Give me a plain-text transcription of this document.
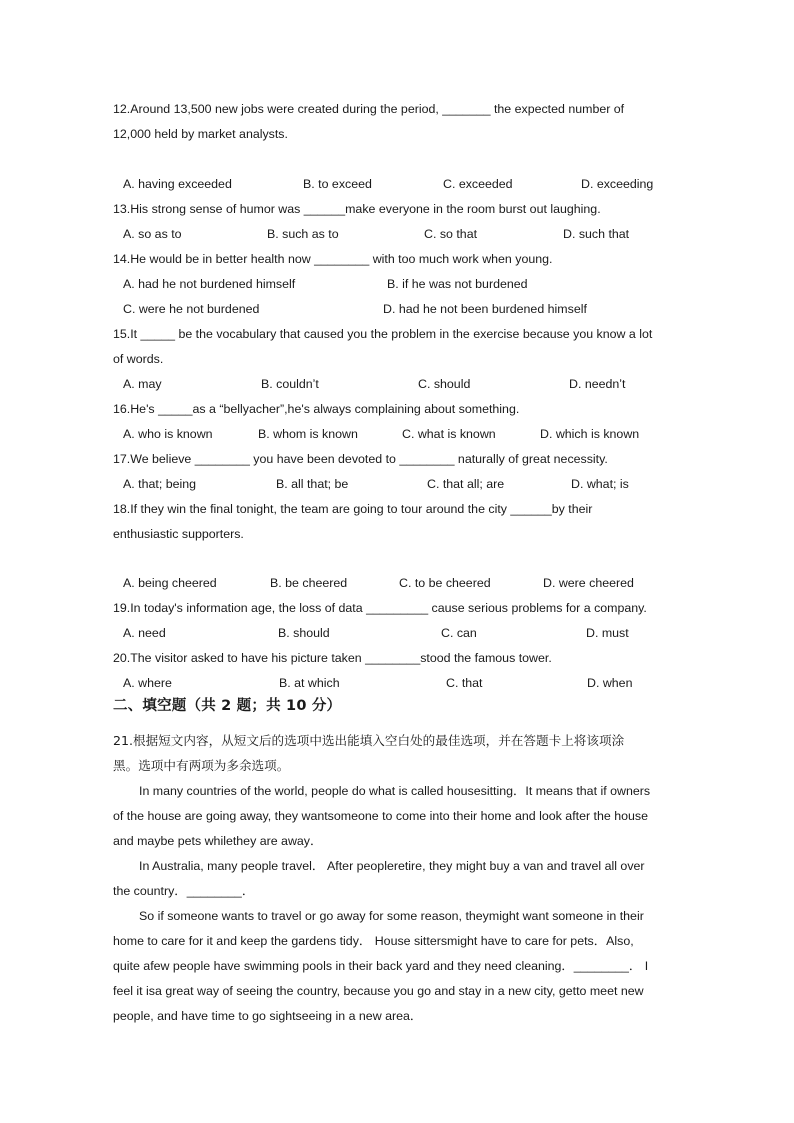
12.Around 13,500 new jobs were created during the period, _______ the expected number of
12,000 held by market analysts.
A. having exceeded	B. to exceed	C. exceeded	D. exceeding
13.His strong sense of humor was ______make everyone in the room burst out laughing.
A. so as to	B. such as to	C. so that	D. such that
14.He would be in better health now ________ with too much work when young.
A. had he not burdened himself	B. if he was not burdened
C. were he not burdened	D. had he not been burdened himself
15.It _____ be the vocabulary that caused you the problem in the exercise because you know a lot
of words.
A. may	B. couldnʼt	C. should	D. neednʼt
16.He's _____as a “bellyacher”,he's always complaining about something.
A. who is known	B. whom is known	C. what is known	D. which is known
17.We believe ________ you have been devoted to ________ naturally of great necessity.
A. that; being	B. all that; be	C. that all; are	D. what; is
18.If they win the final tonight, the team are going to tour around the city ______by their
enthusiastic supporters.
A. being cheered	B. be cheered	C. to be cheered	D. were cheered
19.In today's information age, the loss of data _________ cause serious problems for a company.
A. need	B. should	C. can	D. must
20.The visitor asked to have his picture taken ________stood the famous tower.
A. where	B. at which	C. that	D. when
二、填空题（共 2 题；共 10 分）
21.根据短文内容，从短文后的选项中选出能填入空白处的最佳选项，并在答题卡上将该项涂
黑。选项中有两项为多余选项。
In many countries of the world, people do what is called housesitting．It means that if owners
of the house are going away, they wantsomeone to come into their home and look after the house
and maybe pets whilethey are away．
In Australia, many people travel． After peopleretire, they might buy a van and travel all over
the country．________．
So if someone wants to travel or go away for some reason, theymight want someone in their
home to care for it and keep the gardens tidy． House sittersmight have to care for pets．Also,
quite afew people have swimming pools in their back yard and they need cleaning．________． I
feel it isa great way of seeing the country, because you go and stay in a new city, getto meet new
people, and have time to go sightseeing in a new area．
